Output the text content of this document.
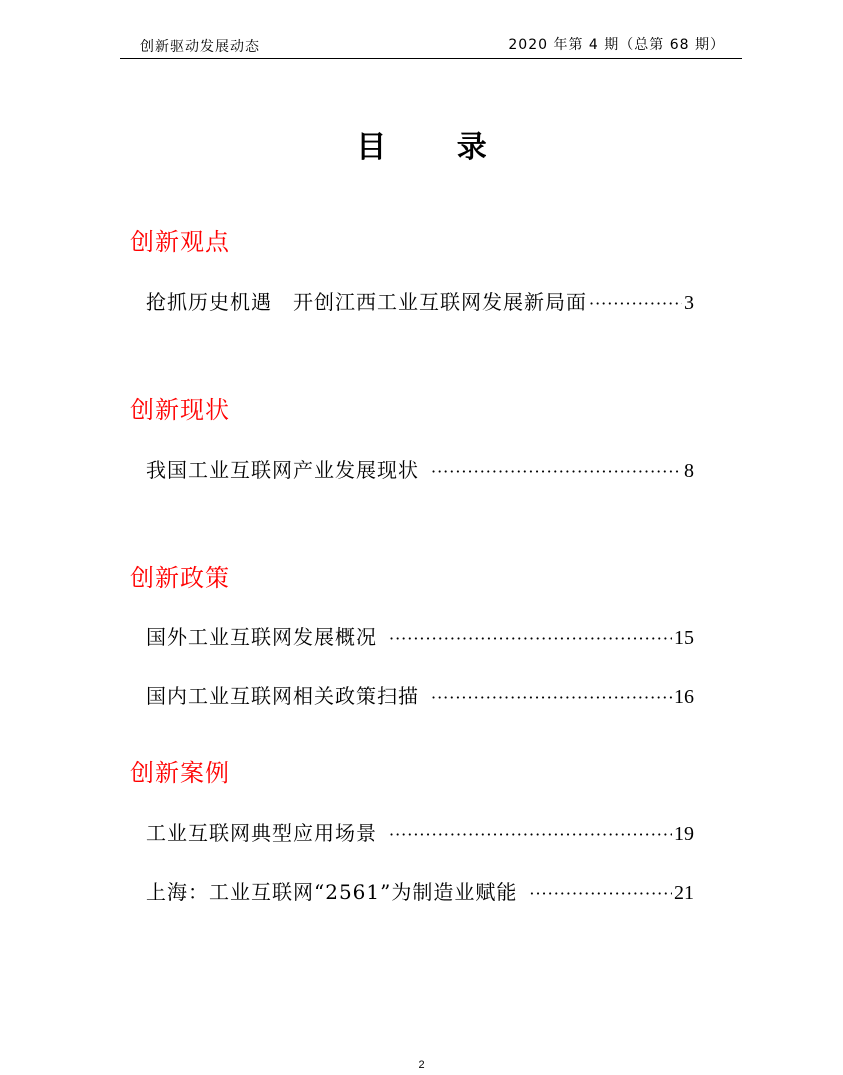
创新驱动发展动态	2020 年第 4 期（总第 68 期）
目 录
创新观点
抢抓历史机遇　开创江西工业互联网发展新局面 ·····	3
创新现状
我国工业互联网产业发展现状 ·····	8
创新政策
国外工业互联网发展概况 ·····	15
国内工业互联网相关政策扫描 ·····	16
创新案例
工业互联网典型应用场景 ·····	19
上海：工业互联网“2561”为制造业赋能 ·····	21
2
